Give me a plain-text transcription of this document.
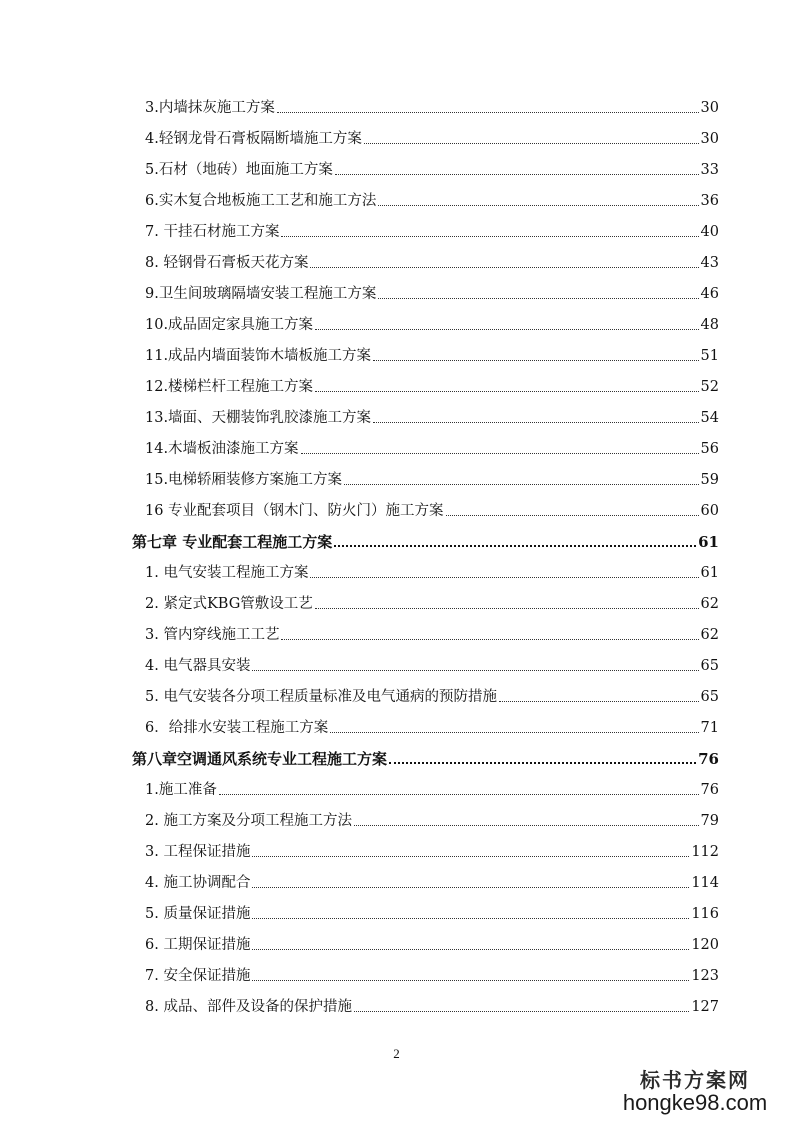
3.内墙抹灰施工方案	30
4.轻钢龙骨石膏板隔断墙施工方案	30
5.石材（地砖）地面施工方案	33
6.实木复合地板施工工艺和施工方法	36
7. 干挂石材施工方案	40
8. 轻钢骨石膏板天花方案	43
9.卫生间玻璃隔墙安装工程施工方案	46
10.成品固定家具施工方案	48
11.成品内墙面装饰木墙板施工方案	51
12.楼梯栏杆工程施工方案	52
13.墙面、天棚装饰乳胶漆施工方案	54
14.木墙板油漆施工方案	56
15.电梯轿厢装修方案施工方案	59
16 专业配套项目（钢木门、防火门）施工方案	60
第七章 专业配套工程施工方案	61
1. 电气安装工程施工方案	61
2. 紧定式KBG管敷设工艺	62
3. 管内穿线施工工艺	62
4. 电气器具安装	65
5. 电气安装各分项工程质量标准及电气通病的预防措施	65
6．给排水安装工程施工方案	71
第八章空调通风系统专业工程施工方案	76
1.施工准备	76
2. 施工方案及分项工程施工方法	79
3. 工程保证措施	112
4. 施工协调配合	114
5. 质量保证措施	116
6. 工期保证措施	120
7. 安全保证措施	123
8. 成品、部件及设备的保护措施	127
2
标书方案网
hongke98.com
